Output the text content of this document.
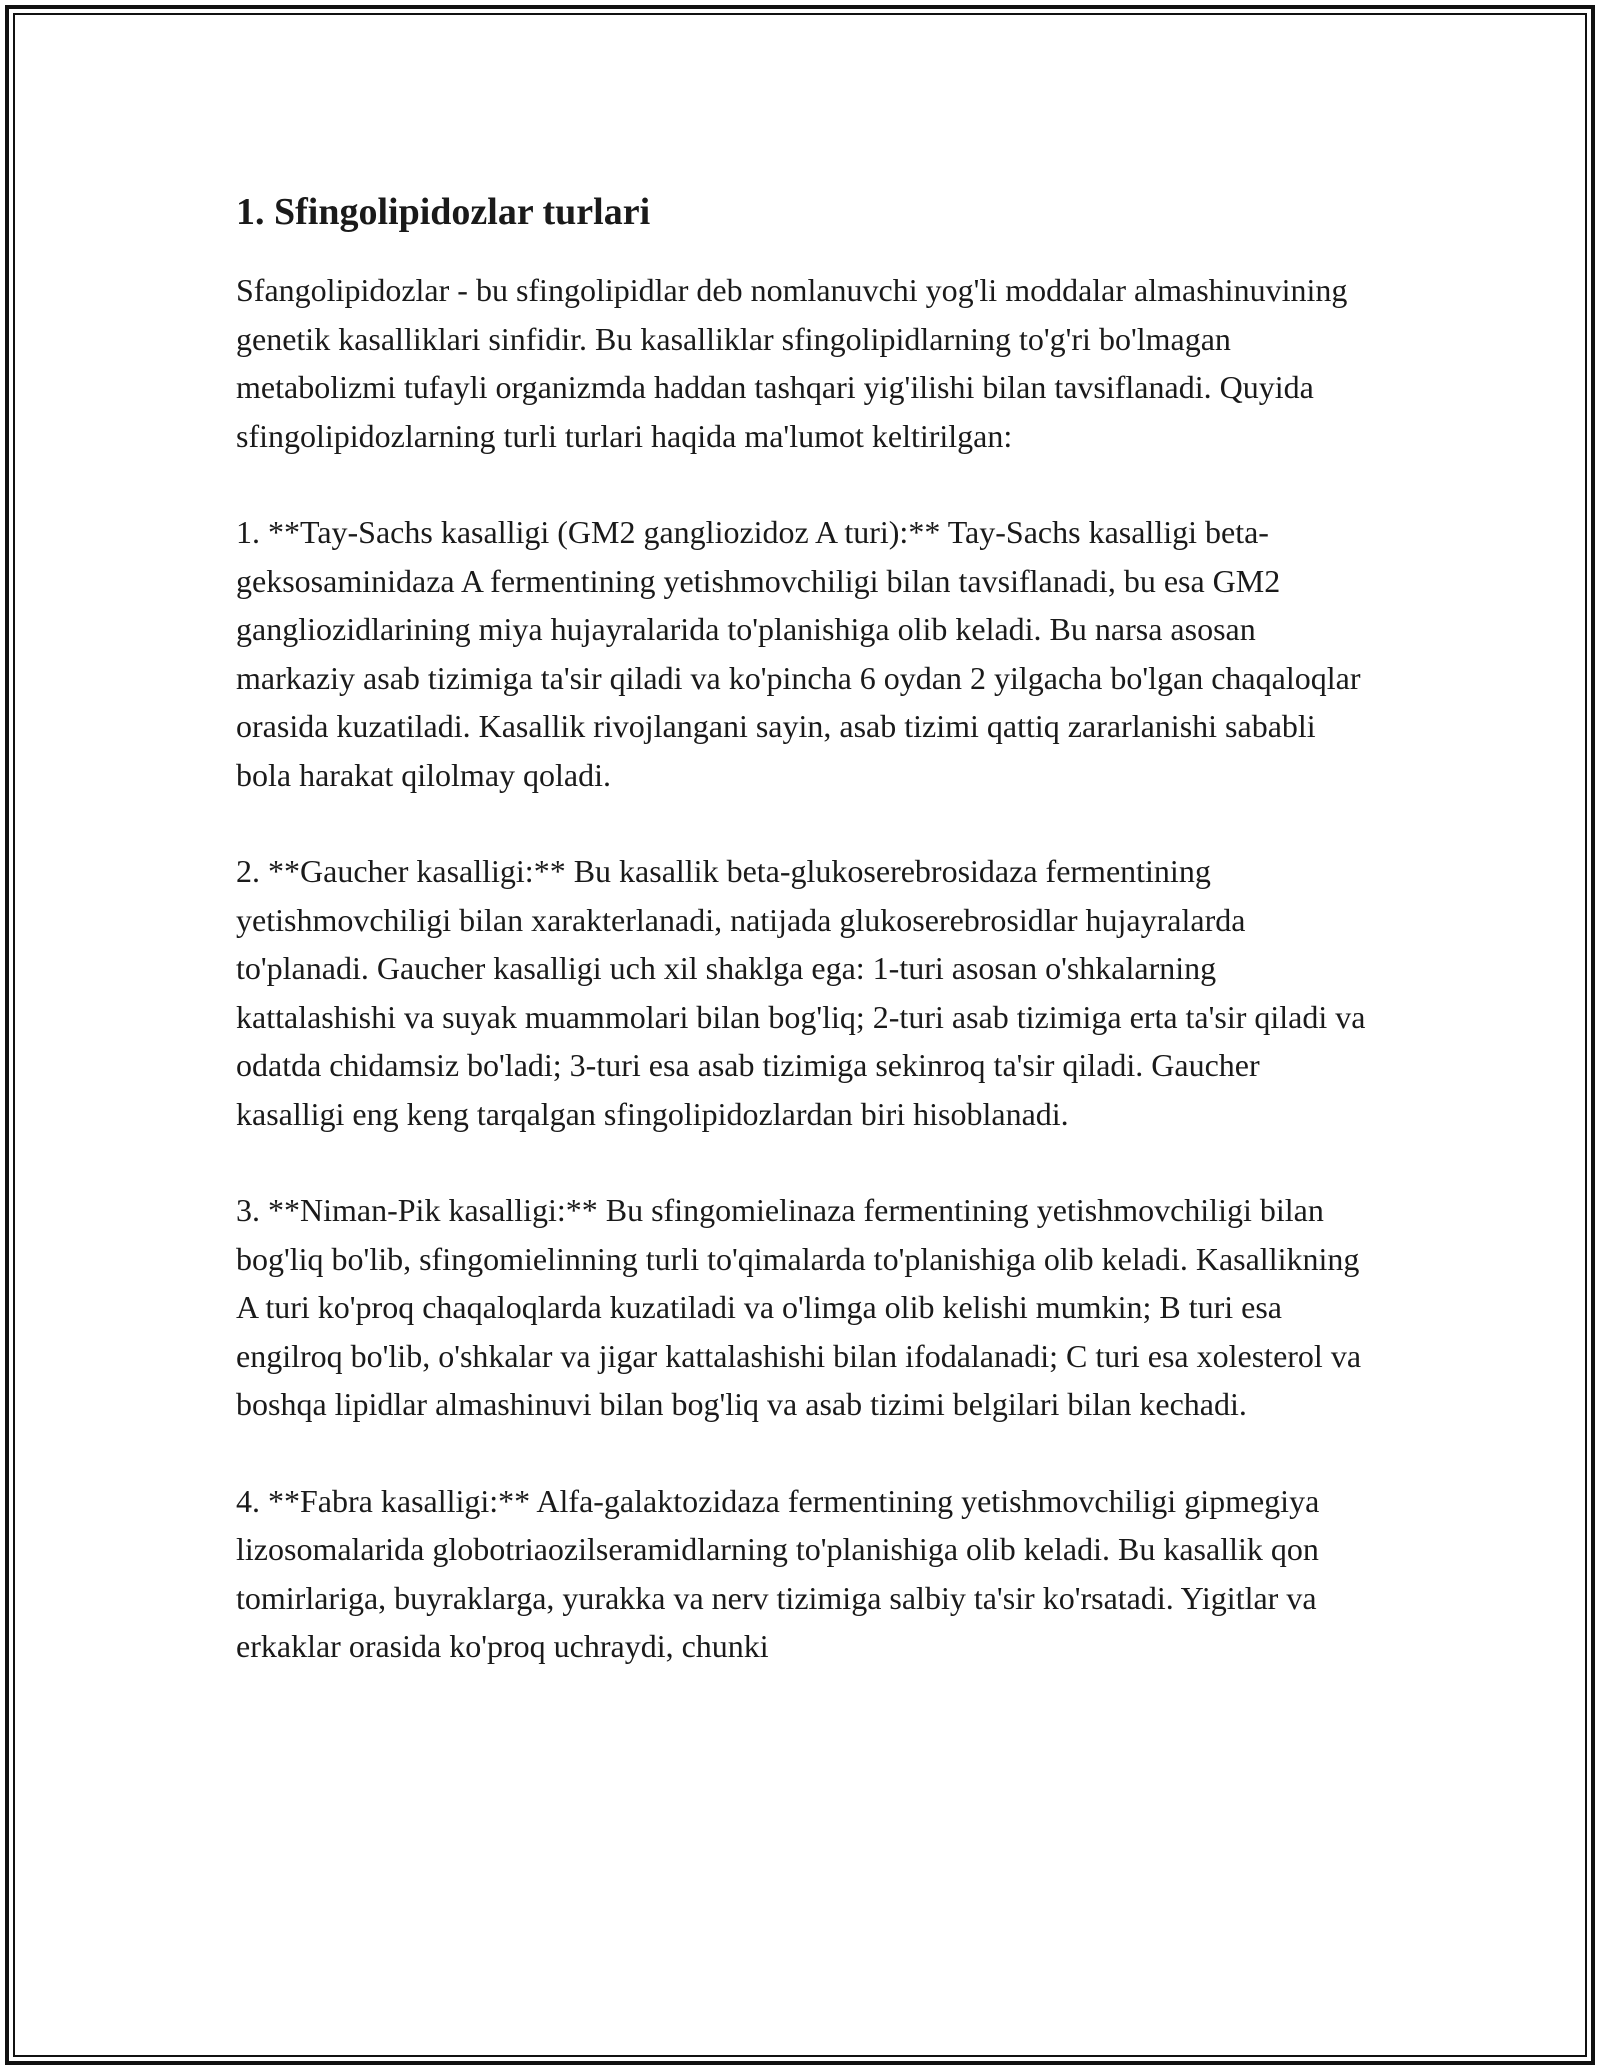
1. Sfingolipidozlar turlari

Sfangolipidozlar - bu sfingolipidlar deb nomlanuvchi yog'li moddalar almashinuvining genetik kasalliklari sinfidir. Bu kasalliklar sfingolipidlarning to'g'ri bo'lmagan metabolizmi tufayli organizmda haddan tashqari yig'ilishi bilan tavsiflanadi. Quyida sfingolipidozlarning turli turlari haqida ma'lumot keltirilgan:

1. **Tay-Sachs kasalligi (GM2 gangliozidoz A turi):** Tay-Sachs kasalligi beta-geksosaminidaza A fermentining yetishmovchiligi bilan tavsiflanadi, bu esa GM2 gangliozidlarining miya hujayralarida to'planishiga olib keladi. Bu narsa asosan markaziy asab tizimiga ta'sir qiladi va ko'pincha 6 oydan 2 yilgacha bo'lgan chaqaloqlar orasida kuzatiladi. Kasallik rivojlangani sayin, asab tizimi qattiq zararlanishi sababli bola harakat qilolmay qoladi.

2. **Gaucher kasalligi:** Bu kasallik beta-glukoserebrosidaza fermentining yetishmovchiligi bilan xarakterlanadi, natijada glukoserebrosidlar hujayralarda to'planadi. Gaucher kasalligi uch xil shaklga ega: 1-turi asosan o'shkalarning kattalashishi va suyak muammolari bilan bog'liq; 2-turi asab tizimiga erta ta'sir qiladi va odatda chidamsiz bo'ladi; 3-turi esa asab tizimiga sekinroq ta'sir qiladi. Gaucher kasalligi eng keng tarqalgan sfingolipidozlardan biri hisoblanadi.

3. **Niman-Pik kasalligi:** Bu sfingomielinaza fermentining yetishmovchiligi bilan bog'liq bo'lib, sfingomielinning turli to'qimalarda to'planishiga olib keladi. Kasallikning A turi ko'proq chaqaloqlarda kuzatiladi va o'limga olib kelishi mumkin; B turi esa engilroq bo'lib, o'shkalar va jigar kattalashishi bilan ifodalanadi; C turi esa xolesterol va boshqa lipidlar almashinuvi bilan bog'liq va asab tizimi belgilari bilan kechadi.

4. **Fabra kasalligi:** Alfa-galaktozidaza fermentining yetishmovchiligi gipmegiya lizosomalarida globotriaozilseramidlarning to'planishiga olib keladi. Bu kasallik qon tomirlariga, buyraklarga, yurakka va nerv tizimiga salbiy ta'sir ko'rsatadi. Yigitlar va erkaklar orasida ko'proq uchraydi, chunki
